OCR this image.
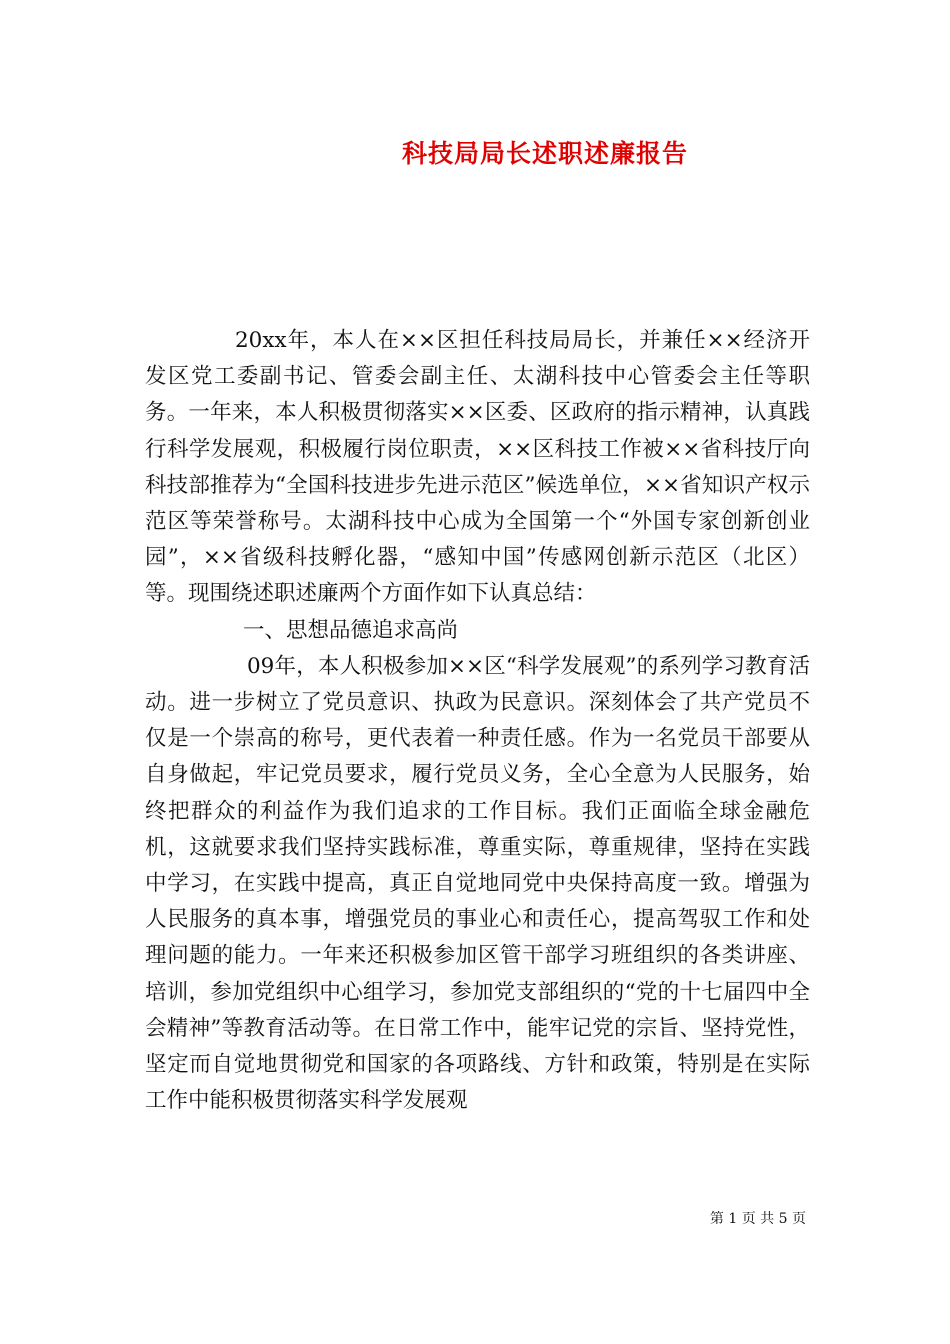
科技局局长述职述廉报告

20xx年，本人在××区担任科技局局长，并兼任××经济开发区党工委副书记、管委会副主任、太湖科技中心管委会主任等职务。一年来，本人积极贯彻落实××区委、区政府的指示精神，认真践行科学发展观，积极履行岗位职责，××区科技工作被××省科技厅向科技部推荐为“全国科技进步先进示范区”候选单位，××省知识产权示范区等荣誉称号。太湖科技中心成为全国第一个“外国专家创新创业园”，××省级科技孵化器，“感知中国”传感网创新示范区（北区）等。现围绕述职述廉两个方面作如下认真总结：

一、思想品德追求高尚

09年，本人积极参加××区“科学发展观”的系列学习教育活动。进一步树立了党员意识、执政为民意识。深刻体会了共产党员不仅是一个崇高的称号，更代表着一种责任感。作为一名党员干部要从自身做起，牢记党员要求，履行党员义务，全心全意为人民服务，始终把群众的利益作为我们追求的工作目标。我们正面临全球金融危机，这就要求我们坚持实践标准，尊重实际，尊重规律，坚持在实践中学习，在实践中提高，真正自觉地同党中央保持高度一致。增强为人民服务的真本事，增强党员的事业心和责任心，提高驾驭工作和处理问题的能力。一年来还积极参加区管干部学习班组织的各类讲座、培训，参加党组织中心组学习，参加党支部组织的“党的十七届四中全会精神”等教育活动等。在日常工作中，能牢记党的宗旨、坚持党性，坚定而自觉地贯彻党和国家的各项路线、方针和政策，特别是在实际工作中能积极贯彻落实科学发展观

第 1 页 共 5 页
